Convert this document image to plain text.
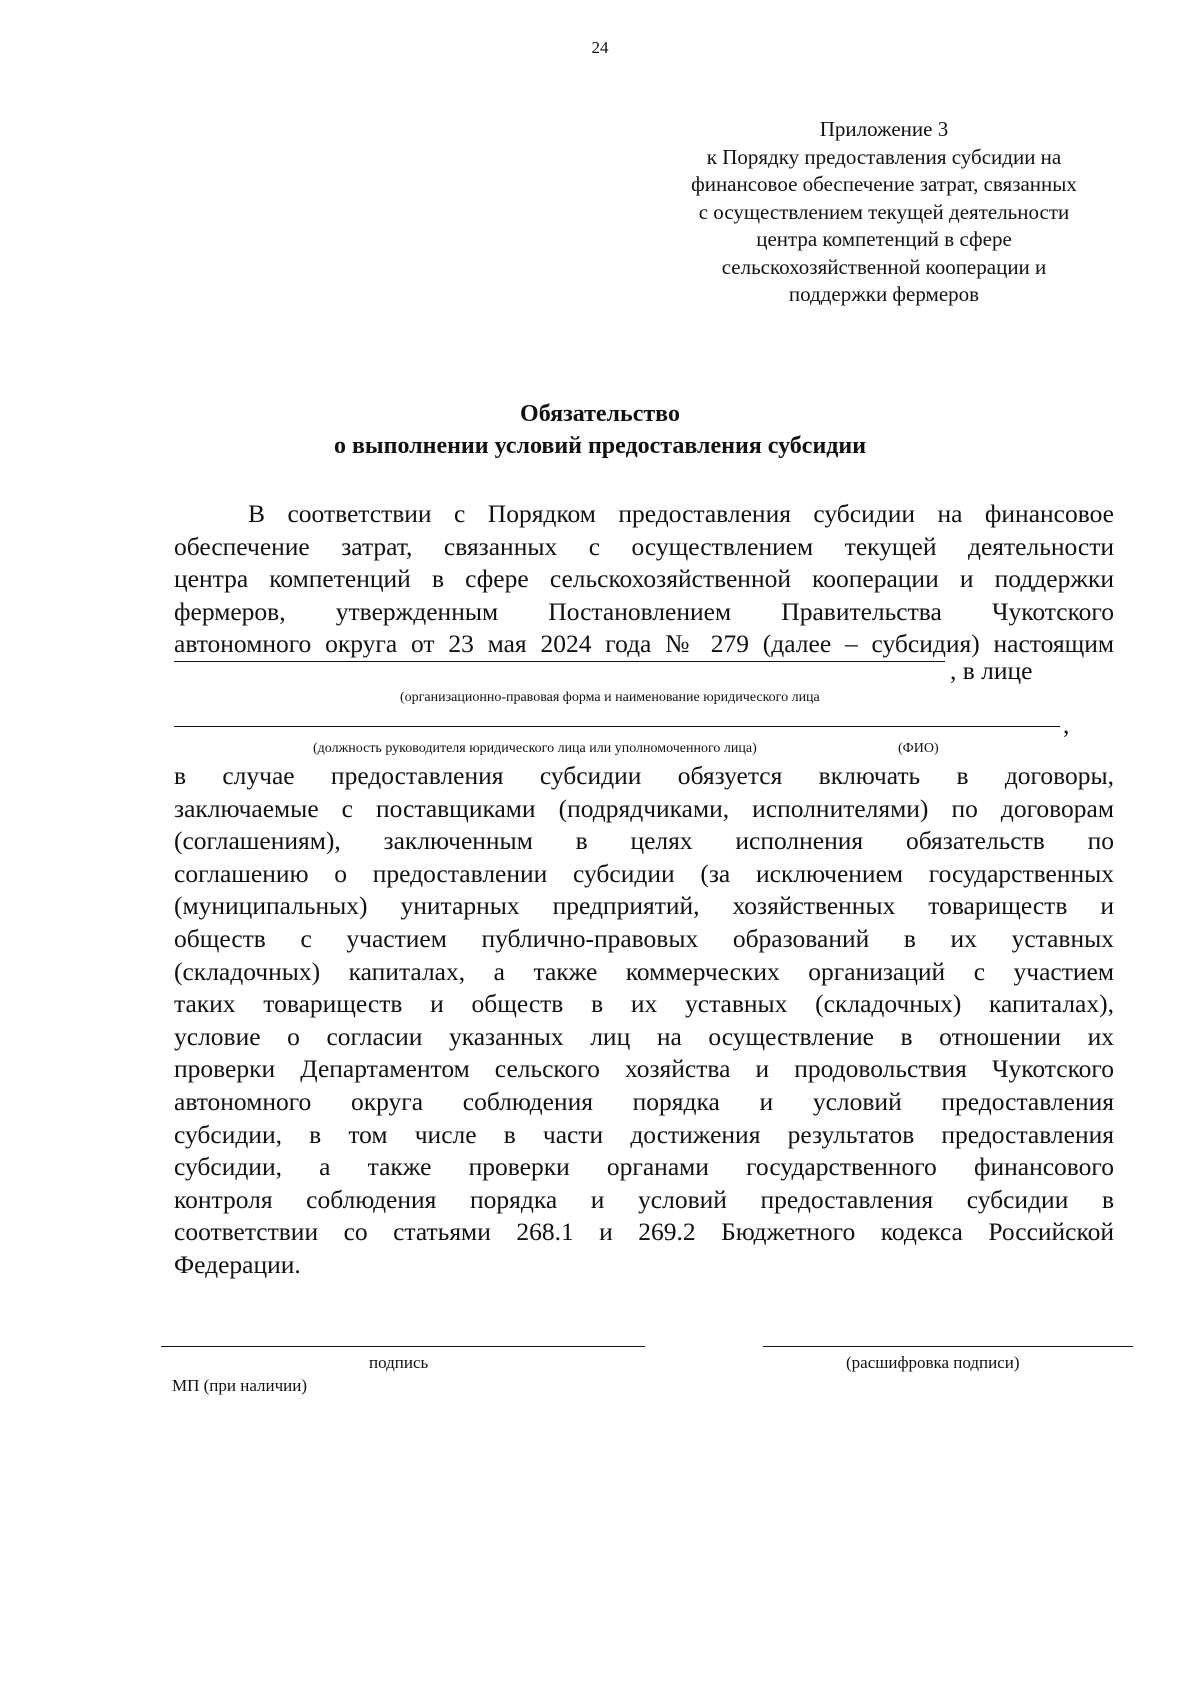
24
Приложение 3
к Порядку предоставления субсидии на
финансовое обеспечение затрат, связанных
с осуществлением текущей деятельности
центра компетенций в сфере
сельскохозяйственной кооперации и
поддержки фермеров
Обязательство
о выполнении условий предоставления субсидии
В соответствии с Порядком предоставления субсидии на финансовое
обеспечение затрат, связанных с осуществлением текущей деятельности
центра компетенций в сфере сельскохозяйственной кооперации и поддержки
фермеров, утвержденным Постановлением Правительства Чукотского
автономного округа от 23 мая 2024 года № 279 (далее – субсидия) настоящим
, в лице
(организационно-правовая форма и наименование юридического лица
,
(должность руководителя юридического лица или уполномоченного лица)	(ФИО)
в случае предоставления субсидии обязуется включать в договоры,
заключаемые с поставщиками (подрядчиками, исполнителями) по договорам
(соглашениям), заключенным в целях исполнения обязательств по
соглашению о предоставлении субсидии (за исключением государственных
(муниципальных) унитарных предприятий, хозяйственных товариществ и
обществ с участием публично-правовых образований в их уставных
(складочных) капиталах, а также коммерческих организаций с участием
таких товариществ и обществ в их уставных (складочных) капиталах),
условие о согласии указанных лиц на осуществление в отношении их
проверки Департаментом сельского хозяйства и продовольствия Чукотского
автономного округа соблюдения порядка и условий предоставления
субсидии, в том числе в части достижения результатов предоставления
субсидии, а также проверки органами государственного финансового
контроля соблюдения порядка и условий предоставления субсидии в
соответствии со статьями 268.1 и 269.2 Бюджетного кодекса Российской
Федерации.
подпись	(расшифровка подписи)
МП (при наличии)
